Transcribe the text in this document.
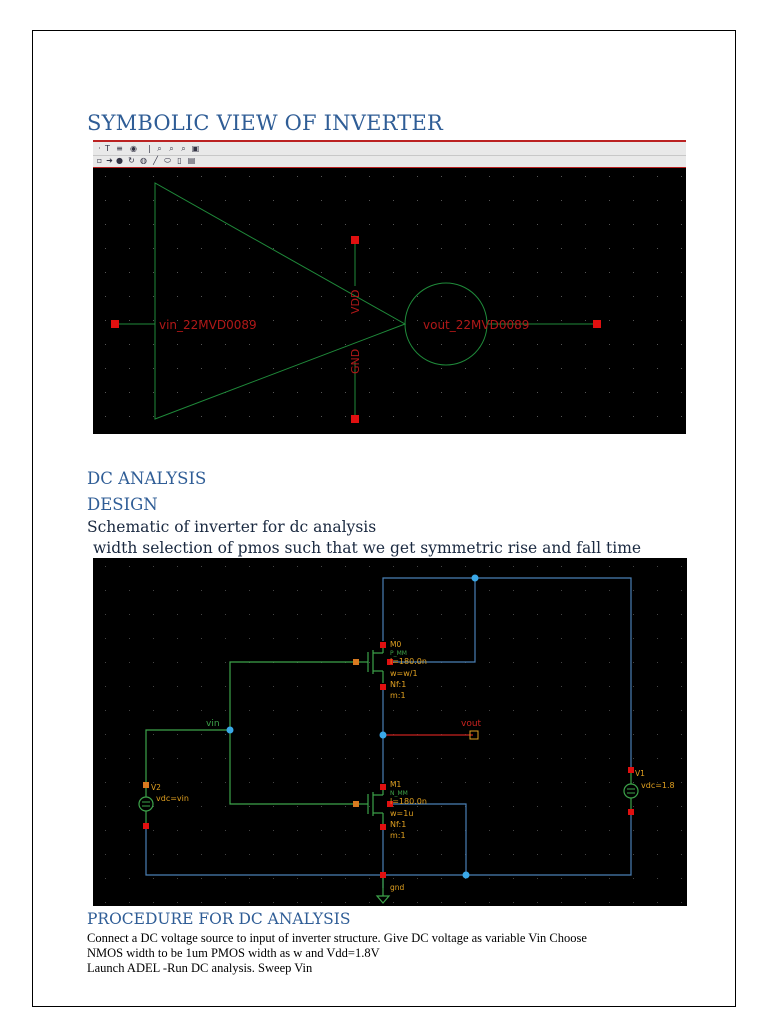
SYMBOLIC VIEW OF INVERTER
· T ≡ ◉	| ⌕ ⌕ ⌕ ▣
▫ ➜ ● ↻ ◍ ╱ ⬭ ▯ ▤
vin_22MVD0089	vout_22MVD0089
VDD
GND
DC ANALYSIS
DESIGN
Schematic of inverter for dc analysis
width selection of pmos such that we get symmetric rise and fall time
vout
vin
M0
P_MM
l=180.0n
w=w/1
Nf:1
m:1
M1
N_MM
l=180.0n
w=1u
Nf:1
m:1
V2
vdc=vin
V1
vdc=1.8
gnd
PROCEDURE FOR DC ANALYSIS
Connect a DC voltage source to input of inverter structure. Give DC voltage as variable Vin Choose
NMOS width to be 1um PMOS width as w and Vdd=1.8V
Launch ADEL -Run DC analysis. Sweep Vin
